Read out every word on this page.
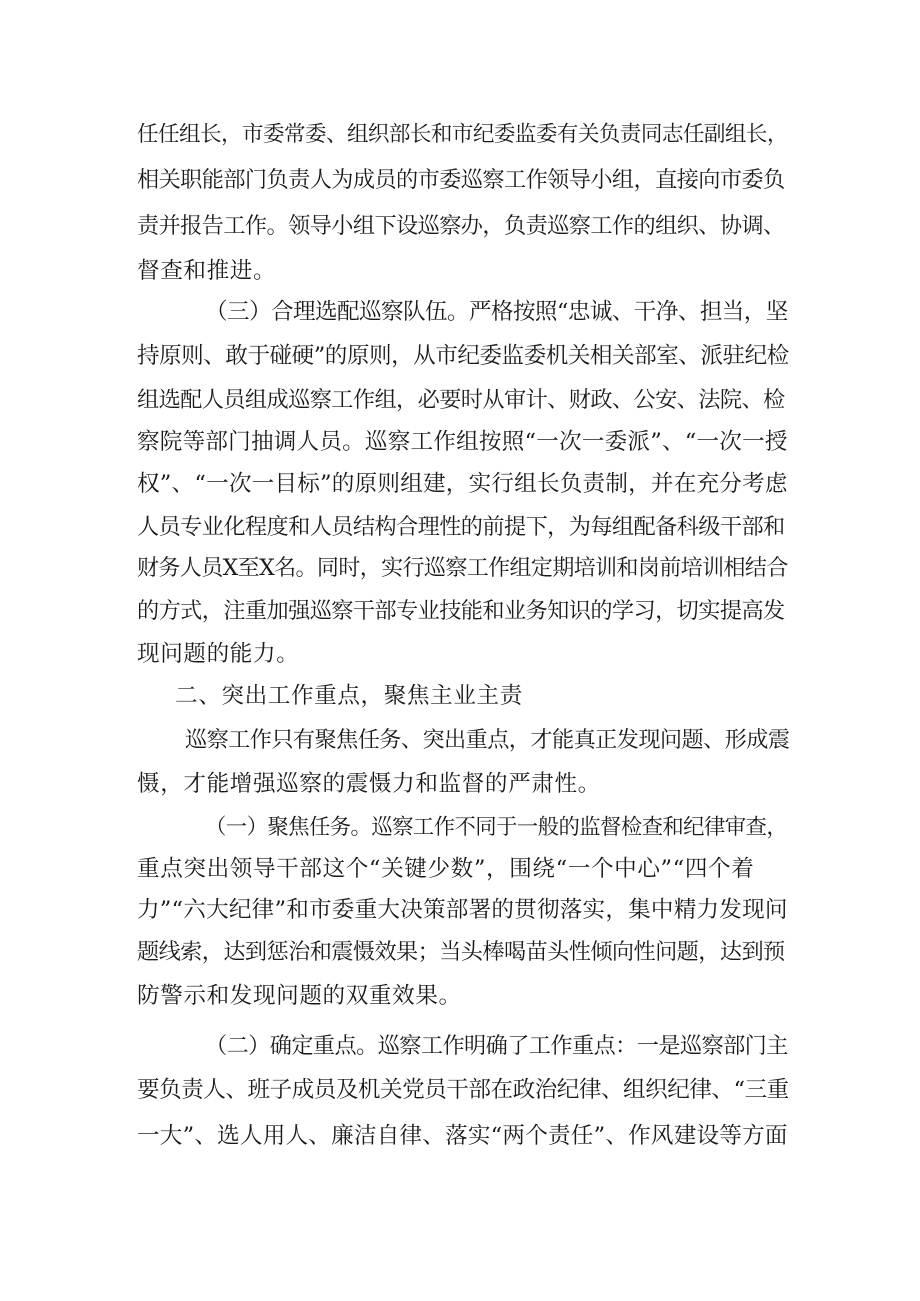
任任组长，市委常委、组织部长和市纪委监委有关负责同志任副组长，
相关职能部门负责人为成员的市委巡察工作领导小组，直接向市委负
责并报告工作。领导小组下设巡察办，负责巡察工作的组织、协调、
督查和推进。
（三）合理选配巡察队伍。严格按照“忠诚、干净、担当，坚
持原则、敢于碰硬”的原则，从市纪委监委机关相关部室、派驻纪检
组选配人员组成巡察工作组，必要时从审计、财政、公安、法院、检
察院等部门抽调人员。巡察工作组按照“一次一委派”、“一次一授
权”、“一次一目标”的原则组建，实行组长负责制，并在充分考虑
人员专业化程度和人员结构合理性的前提下，为每组配备科级干部和
财务人员X至X名。同时，实行巡察工作组定期培训和岗前培训相结合
的方式，注重加强巡察干部专业技能和业务知识的学习，切实提高发
现问题的能力。
二、突出工作重点，聚焦主业主责
巡察工作只有聚焦任务、突出重点，才能真正发现问题、形成震
慑，才能增强巡察的震慑力和监督的严肃性。
（一）聚焦任务。巡察工作不同于一般的监督检查和纪律审查，
重点突出领导干部这个“关键少数”，围绕“一个中心”“四个着
力”“六大纪律”和市委重大决策部署的贯彻落实，集中精力发现问
题线索，达到惩治和震慑效果；当头棒喝苗头性倾向性问题，达到预
防警示和发现问题的双重效果。
（二）确定重点。巡察工作明确了工作重点：一是巡察部门主
要负责人、班子成员及机关党员干部在政治纪律、组织纪律、“三重
一大”、选人用人、廉洁自律、落实“两个责任”、作风建设等方面
